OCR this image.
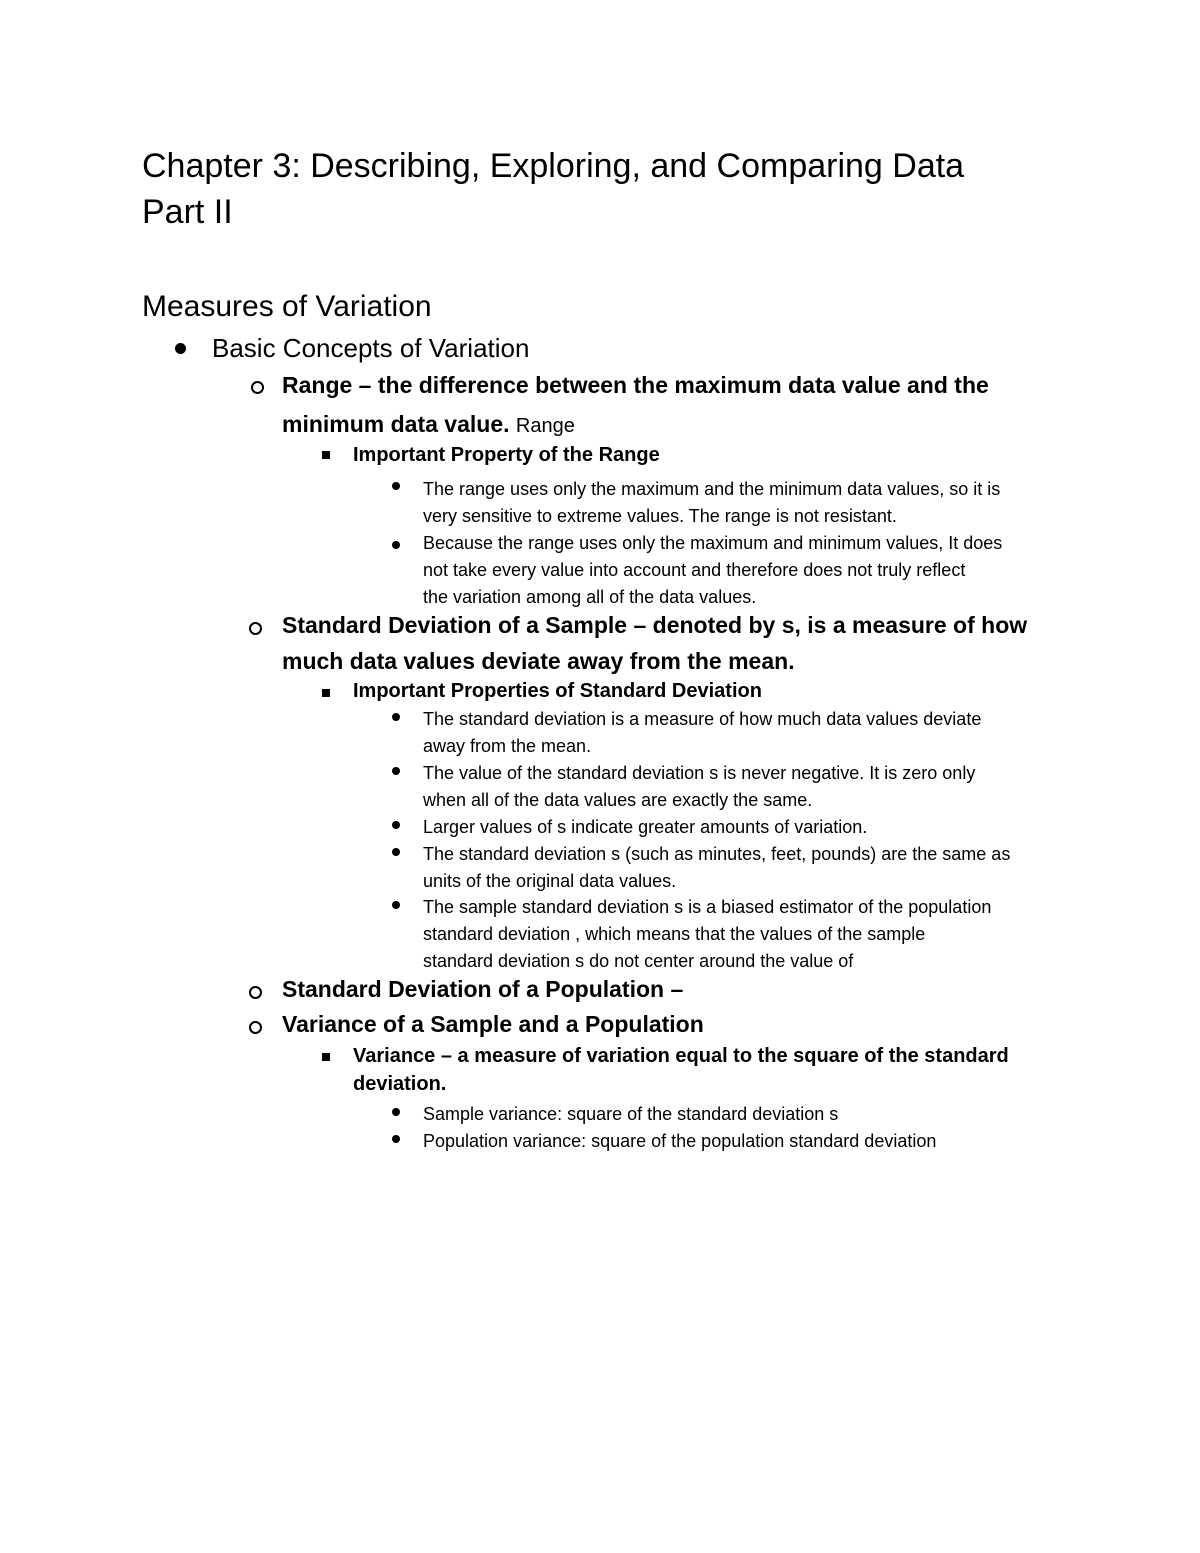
Chapter 3: Describing, Exploring, and Comparing Data
Part II
Measures of Variation
Basic Concepts of Variation
Range – the difference between the maximum data value and the
minimum data value. Range
Important Property of the Range
The range uses only the maximum and the minimum data values, so it is
very sensitive to extreme values. The range is not resistant.
Because the range uses only the maximum and minimum values, It does
not take every value into account and therefore does not truly reflect
the variation among all of the data values.
Standard Deviation of a Sample – denoted by s, is a measure of how
much data values deviate away from the mean.
Important Properties of Standard Deviation
The standard deviation is a measure of how much data values deviate
away from the mean.
The value of the standard deviation s is never negative. It is zero only
when all of the data values are exactly the same.
Larger values of s indicate greater amounts of variation.
The standard deviation s (such as minutes, feet, pounds) are the same as
units of the original data values.
The sample standard deviation s is a biased estimator of the population
standard deviation , which means that the values of the sample
standard deviation s do not center around the value of
Standard Deviation of a Population –
Variance of a Sample and a Population
Variance – a measure of variation equal to the square of the standard
deviation.
Sample variance: square of the standard deviation s
Population variance: square of the population standard deviation
